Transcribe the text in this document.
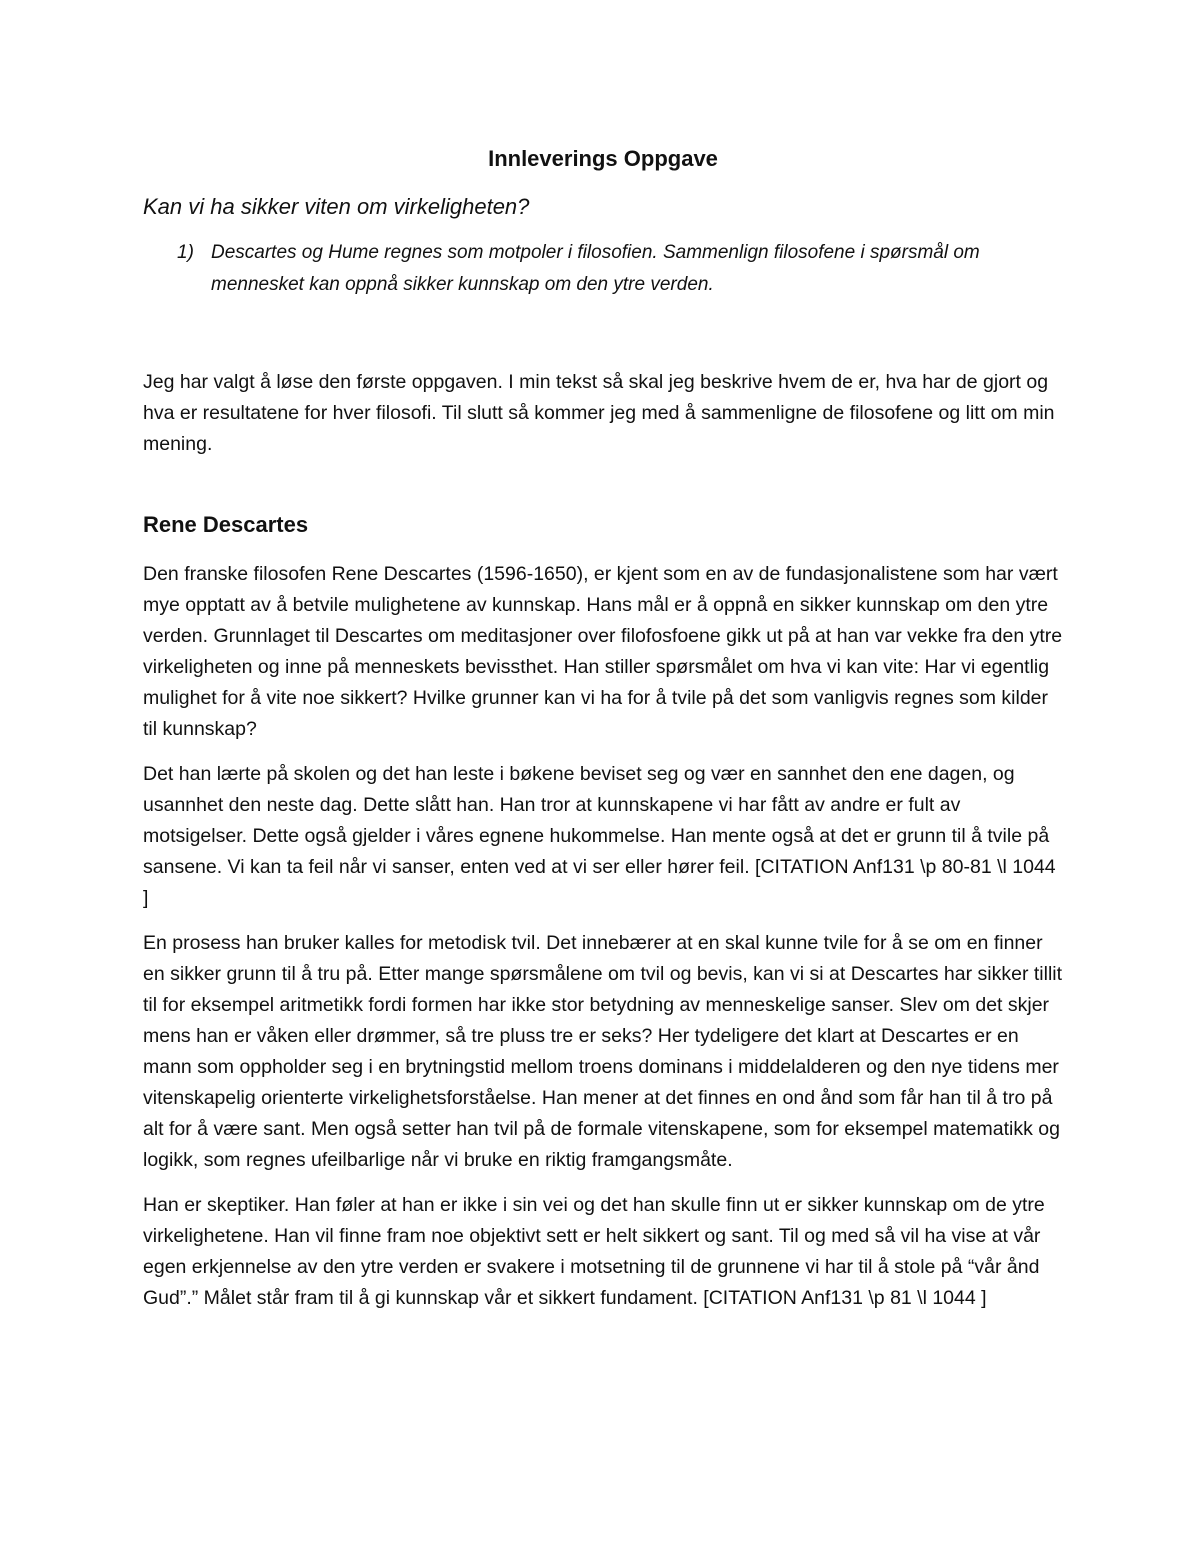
Innleverings Oppgave
Kan vi ha sikker viten om virkeligheten?
1) Descartes og Hume regnes som motpoler i filosofien. Sammenlign filosofene i spørsmål om mennesket kan oppnå sikker kunnskap om den ytre verden.

Jeg har valgt å løse den første oppgaven. I min tekst så skal jeg beskrive hvem de er, hva har de gjort og hva er resultatene for hver filosofi. Til slutt så kommer jeg med å sammenligne de filosofene og litt om min mening.

Rene Descartes

Den franske filosofen Rene Descartes (1596-1650), er kjent som en av de fundasjonalistene som har vært mye opptatt av å betvile mulighetene av kunnskap. Hans mål er å oppnå en sikker kunnskap om den ytre verden. Grunnlaget til Descartes om meditasjoner over filofosfoene gikk ut på at han var vekke fra den ytre virkeligheten og inne på menneskets bevissthet. Han stiller spørsmålet om hva vi kan vite: Har vi egentlig mulighet for å vite noe sikkert? Hvilke grunner kan vi ha for å tvile på det som vanligvis regnes som kilder til kunnskap?

Det han lærte på skolen og det han leste i bøkene beviset seg og vær en sannhet den ene dagen, og usannhet den neste dag. Dette slått han. Han tror at kunnskapene vi har fått av andre er fult av motsigelser. Dette også gjelder i våres egnene hukommelse. Han mente også at det er grunn til å tvile på sansene. Vi kan ta feil når vi sanser, enten ved at vi ser eller hører feil. [CITATION Anf131 \p 80-81 \l 1044 ]

En prosess han bruker kalles for metodisk tvil. Det innebærer at en skal kunne tvile for å se om en finner en sikker grunn til å tru på. Etter mange spørsmålene om tvil og bevis, kan vi si at Descartes har sikker tillit til for eksempel aritmetikk fordi formen har ikke stor betydning av menneskelige sanser. Slev om det skjer mens han er våken eller drømmer, så tre pluss tre er seks? Her tydeligere det klart at Descartes er en mann som oppholder seg i en brytningstid mellom troens dominans i middelalderen og den nye tidens mer vitenskapelig orienterte virkelighetsforståelse. Han mener at det finnes en ond ånd som får han til å tro på alt for å være sant. Men også setter han tvil på de formale vitenskapene, som for eksempel matematikk og logikk, som regnes ufeilbarlige når vi bruke en riktig framgangsmåte.

Han er skeptiker. Han føler at han er ikke i sin vei og det han skulle finn ut er sikker kunnskap om de ytre virkelighetene. Han vil finne fram noe objektivt sett er helt sikkert og sant. Til og med så vil ha vise at vår egen erkjennelse av den ytre verden er svakere i motsetning til de grunnene vi har til å stole på “vår ånd Gud”.” Målet står fram til å gi kunnskap vår et sikkert fundament. [CITATION Anf131 \p 81 \l 1044 ]
